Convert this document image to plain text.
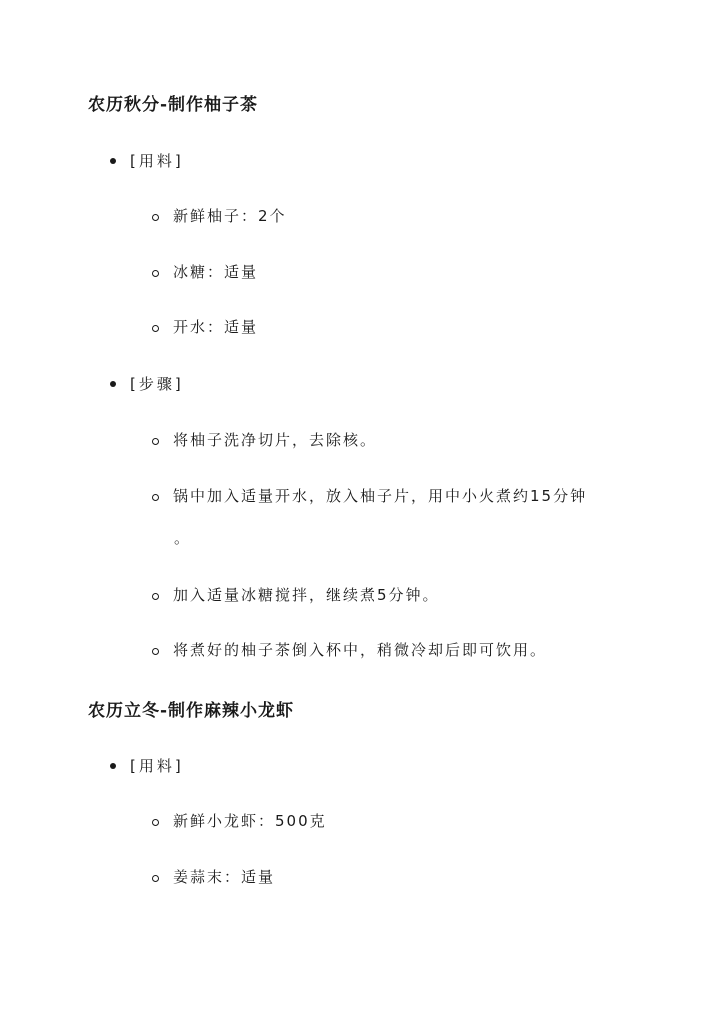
农历秋分-制作柚子茶
[用料]
新鲜柚子：2个
冰糖：适量
开水：适量
[步骤]
将柚子洗净切片，去除核。
锅中加入适量开水，放入柚子片，用中小火煮约15分钟
。
加入适量冰糖搅拌，继续煮5分钟。
将煮好的柚子茶倒入杯中，稍微冷却后即可饮用。
农历立冬-制作麻辣小龙虾
[用料]
新鲜小龙虾：500克
姜蒜末：适量
